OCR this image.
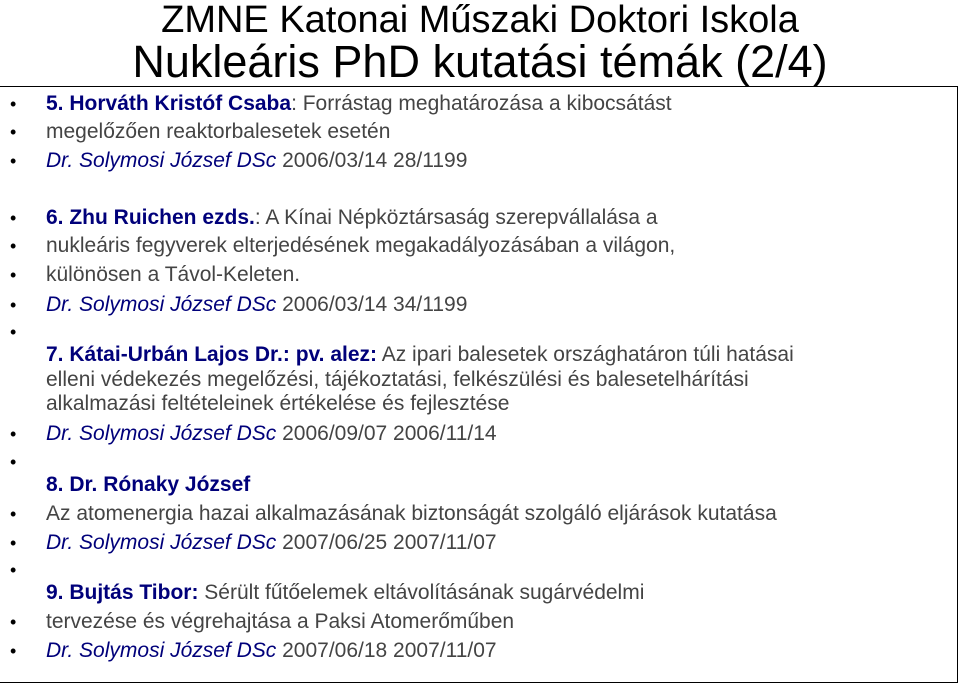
ZMNE Katonai Műszaki Doktori Iskola
Nukleáris PhD kutatási témák (2/4)
• 5. Horváth Kristóf Csaba: Forrástag meghatározása a kibocsátást
• megelőzően reaktorbalesetek esetén
• Dr. Solymosi József DSc 2006/03/14 28/1199
• 6. Zhu Ruichen ezds.: A Kínai Népköztársaság szerepvállalása a
• nukleáris fegyverek elterjedésének megakadályozásában a világon,
• különösen a Távol-Keleten.
• Dr. Solymosi József DSc 2006/03/14 34/1199
•
7. Kátai-Urbán Lajos Dr.: pv. alez: Az ipari balesetek országhatáron túli hatásai
elleni védekezés megelőzési, tájékoztatási, felkészülési és balesetelhárítási
alkalmazási feltételeinek értékelése és fejlesztése
• Dr. Solymosi József DSc 2006/09/07 2006/11/14
•
8. Dr. Rónaky József
• Az atomenergia hazai alkalmazásának biztonságát szolgáló eljárások kutatása
• Dr. Solymosi József DSc 2007/06/25 2007/11/07
•
9. Bujtás Tibor: Sérült fűtőelemek eltávolításának sugárvédelmi
• tervezése és végrehajtása a Paksi Atomerőműben
• Dr. Solymosi József DSc 2007/06/18 2007/11/07
